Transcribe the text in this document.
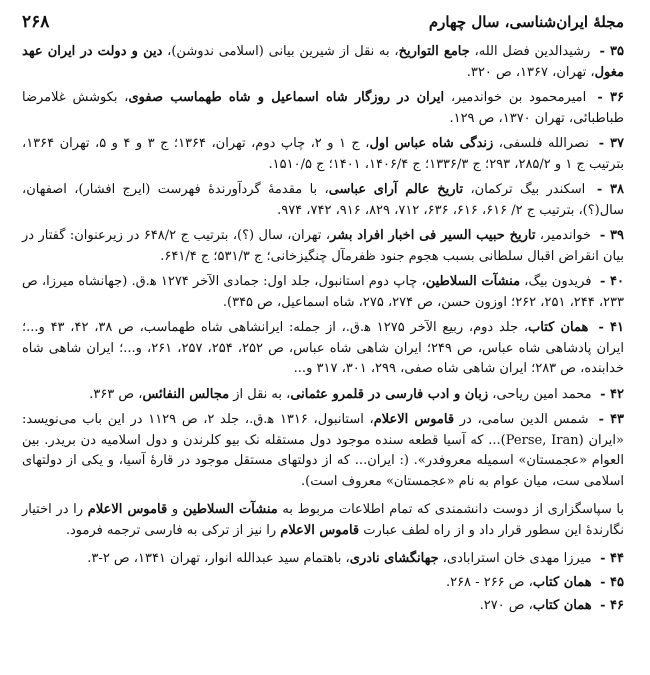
مجلهٔ ایران‌شناسی، سال چهارم
۲۶۸

۳۵ - رشیدالدین فضل الله، جامع التواریخ، به نقل از شیرین بیانی (اسلامی ندوشن)، دین و دولت در ایران عهد مغول، تهران، ۱۳۶۷، ص ۳۲۰.

۳۶ - امیرمحمود بن خواندمیر، ایران در روزگار شاه اسماعیل و شاه طهماسب صفوی، بکوشش غلامرضا طباطبائی، تهران ۱۳۷۰، ص ۱۲۹.

۳۷ - نصرالله فلسفی، زندگی شاه عباس اول، ج ۱ و ۲، چاپ دوم، تهران، ۱۳۶۴؛ ج ۳ و ۴ و ۵، تهران ۱۳۶۴، بترتیب ج ۱ و ۲۸۵/۲، ۲۹۳؛ ج ۱۳۳۶/۳؛ ج ۱۴۰۶/۴، ۱۴۰۱؛ ج ۱۵۱۰/۵.

۳۸ - اسکندر بیگ ترکمان، تاریخ عالم آرای عباسی، با مقدمهٔ گردآورندهٔ فهرست (ایرج افشار)، اصفهان، سال(؟)، بترتیب ج ۲/ ۶۱۶، ۶۱۶، ۶۳۶، ۷۱۲، ۸۲۹، ۹۱۶، ۷۴۲، ۹۷۴.

۳۹ - خواندمیر، تاریخ حبیب السیر فی اخبار افراد بشر، تهران، سال (؟)، بترتیب ج ۶۴۸/۲ در زیرعنوان: گفتار در بیان انقراض اقبال سلطانی بسبب هجوم جنود ظفرمآل چنگیزخانی؛ ج ۵۳۱/۳؛ ج ۶۴۱/۴.

۴۰ - فریدون بیگ، منشآت السلاطین، چاپ دوم استانبول، جلد اول: جمادی الآخر ۱۲۷۴ ه‍.ق. (جهانشاه میرزا، ص ۲۳۳، ۲۴۴، ۲۵۱، ۲۶۲؛ اوزون حسن، ص ۲۷۴، ۲۷۵، شاه اسماعیل، ص ۳۴۵).

۴۱ - همان کتاب، جلد دوم، ربیع الآخر ۱۲۷۵ ه‍.ق.، از جمله: ایرانشاهی شاه طهماسب، ص ۳۸، ۴۲، ۴۳ و...؛ ایران پادشاهی شاه عباس، ص ۲۴۹؛ ایران شاهی شاه عباس، ص ۲۵۲، ۲۵۴، ۲۵۷، ۲۶۱، و...؛ ایران شاهی شاه خدابنده، ص ۲۸۳؛ ایران شاهی شاه صفی، ۲۹۹، ۳۰۱، ۳۱۷ و...

۴۲ - محمد امین ریاحی، زبان و ادب فارسی در قلمرو عثمانی، به نقل از مجالس النفائس، ص ۳۶۳.

۴۳ - شمس الدین سامی، در قاموس الاعلام، استانبول، ۱۳۱۶ ه‍.ق.، جلد ۲، ص ۱۱۲۹ در این باب می‌نویسد: «ایران (Perse, Iran)... که آسیا قطعه سنده موجود دول مستقله نک بیو کلرندن و دول اسلامیه دن بریدر. بین العوام «عجمستان» اسمیله معروفدر». (: ایران... که از دولتهای مستقل موجود در قارهٔ آسیا، و یکی از دولتهای اسلامی ست، میان عوام به نام «عجمستان» معروف است).

با سپاسگزاری از دوست دانشمندی که تمام اطلاعات مربوط به منشآت السلاطین و قاموس الاعلام را در اختیار نگارندهٔ این سطور قرار داد و از راه لطف عبارت قاموس الاعلام را نیز از ترکی به فارسی ترجمه فرمود.

۴۴ - میرزا مهدی خان استرابادی، جهانگشای نادری، باهتمام سید عبدالله انوار، تهران ۱۳۴۱، ص ۲-۳.

۴۵ - همان کتاب، ص ۲۶۶ - ۲۶۸.

۴۶ - همان کتاب، ص ۲۷۰.
